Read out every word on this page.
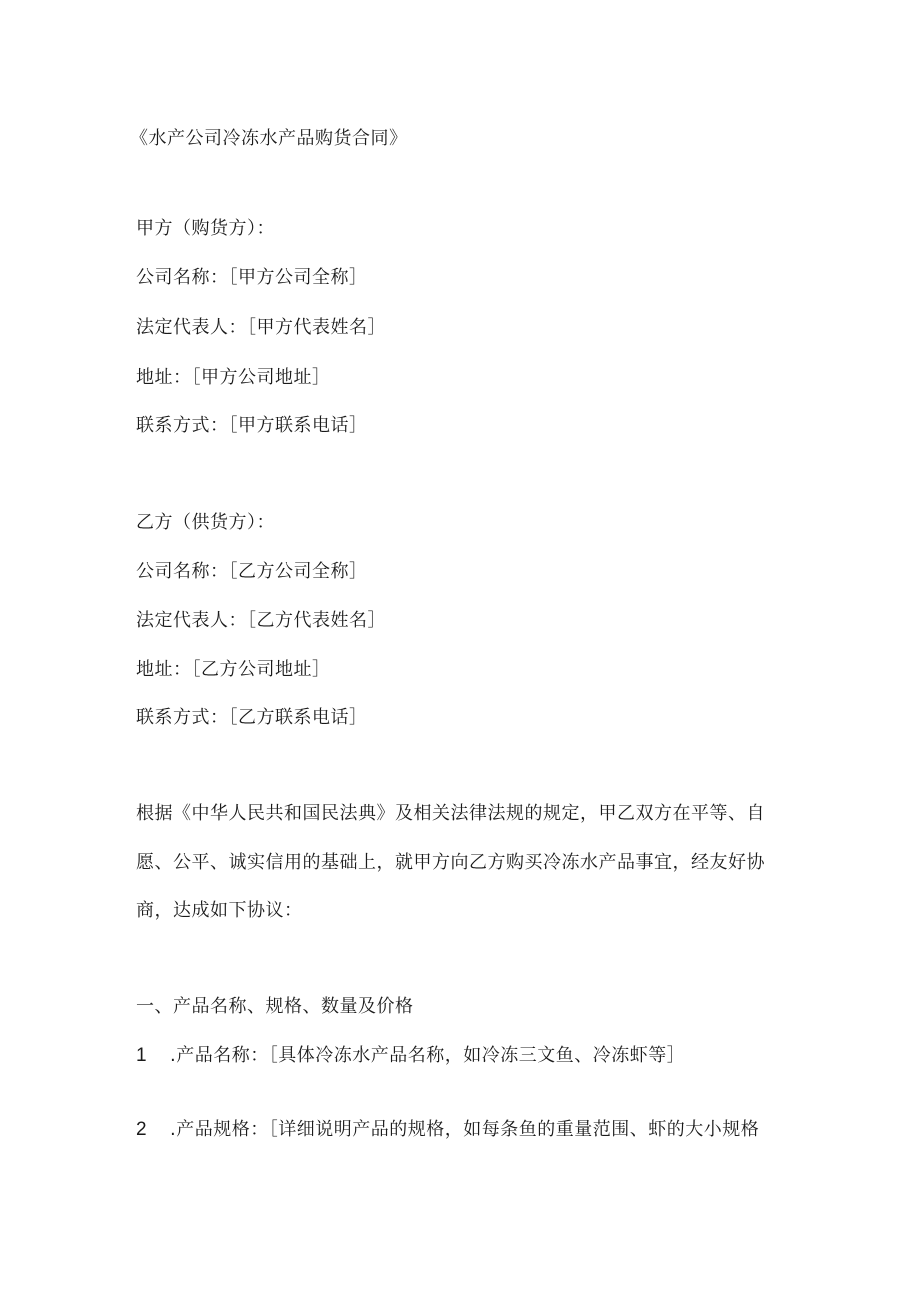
《水产公司冷冻水产品购货合同》
甲方（购货方）：
公司名称：［甲方公司全称］
法定代表人：［甲方代表姓名］
地址：［甲方公司地址］
联系方式：［甲方联系电话］
乙方（供货方）：
公司名称：［乙方公司全称］
法定代表人：［乙方代表姓名］
地址：［乙方公司地址］
联系方式：［乙方联系电话］
根据《中华人民共和国民法典》及相关法律法规的规定，甲乙双方在平等、自
愿、公平、诚实信用的基础上，就甲方向乙方购买冷冻水产品事宜，经友好协
商，达成如下协议：
一、产品名称、规格、数量及价格
1 .产品名称：［具体冷冻水产品名称，如冷冻三文鱼、冷冻虾等］
2 .产品规格：［详细说明产品的规格，如每条鱼的重量范围、虾的大小规格
